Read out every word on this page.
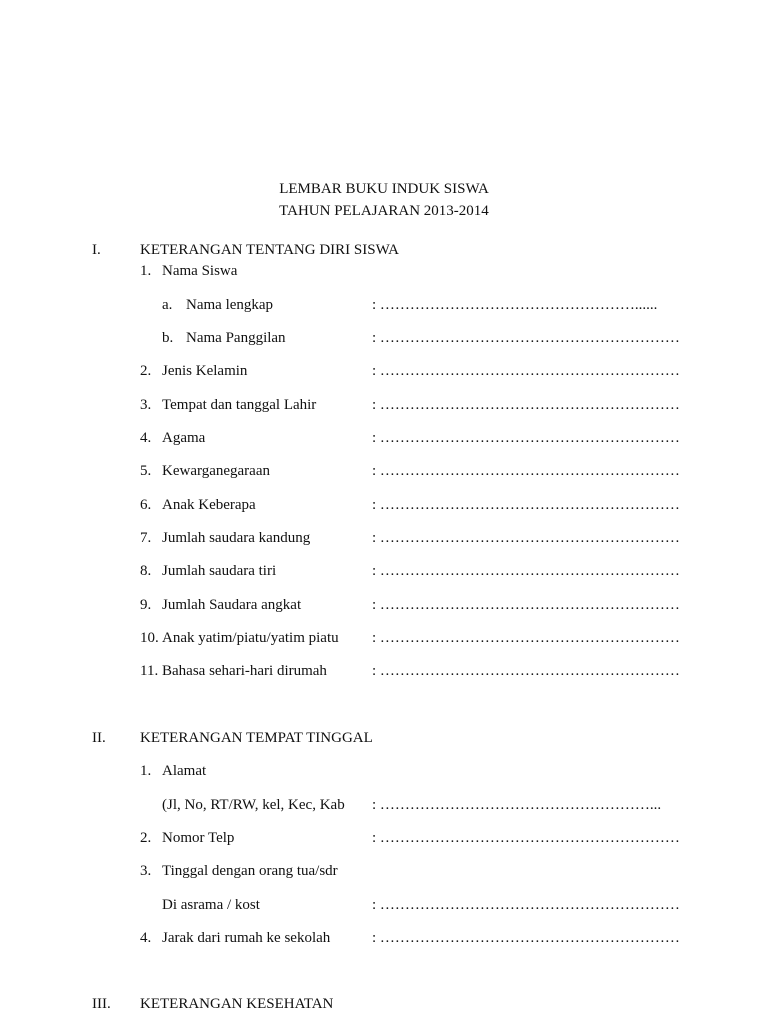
LEMBAR BUKU INDUK SISWA
TAHUN PELAJARAN 2013-2014
I.	KETERANGAN TENTANG DIRI SISWA
1. Nama Siswa
a. Nama lengkap	: ……………………………………………......
b. Nama Panggilan	: ……………………………………………………
2. Jenis Kelamin	: ……………………………………………………
3. Tempat dan tanggal Lahir	: ……………………………………………………
4. Agama	: ……………………………………………………
5. Kewarganegaraan	: ……………………………………………………
6. Anak Keberapa	: ……………………………………………………
7. Jumlah saudara kandung	: ……………………………………………………
8. Jumlah saudara tiri	: ……………………………………………………
9. Jumlah Saudara angkat	: ……………………………………………………
10. Anak yatim/piatu/yatim piatu : ……………………………………………………
11. Bahasa sehari-hari dirumah	: ……………………………………………………
II. KETERANGAN TEMPAT TINGGAL
1. Alamat
(Jl, No, RT/RW, kel, Kec, Kab : ………………………………………………...
2. Nomor Telp	: ……………………………………………………
3. Tinggal dengan orang tua/sdr
Di asrama / kost	: ……………………………………………………
4. Jarak dari rumah ke sekolah	: ……………………………………………………
III. KETERANGAN KESEHATAN
